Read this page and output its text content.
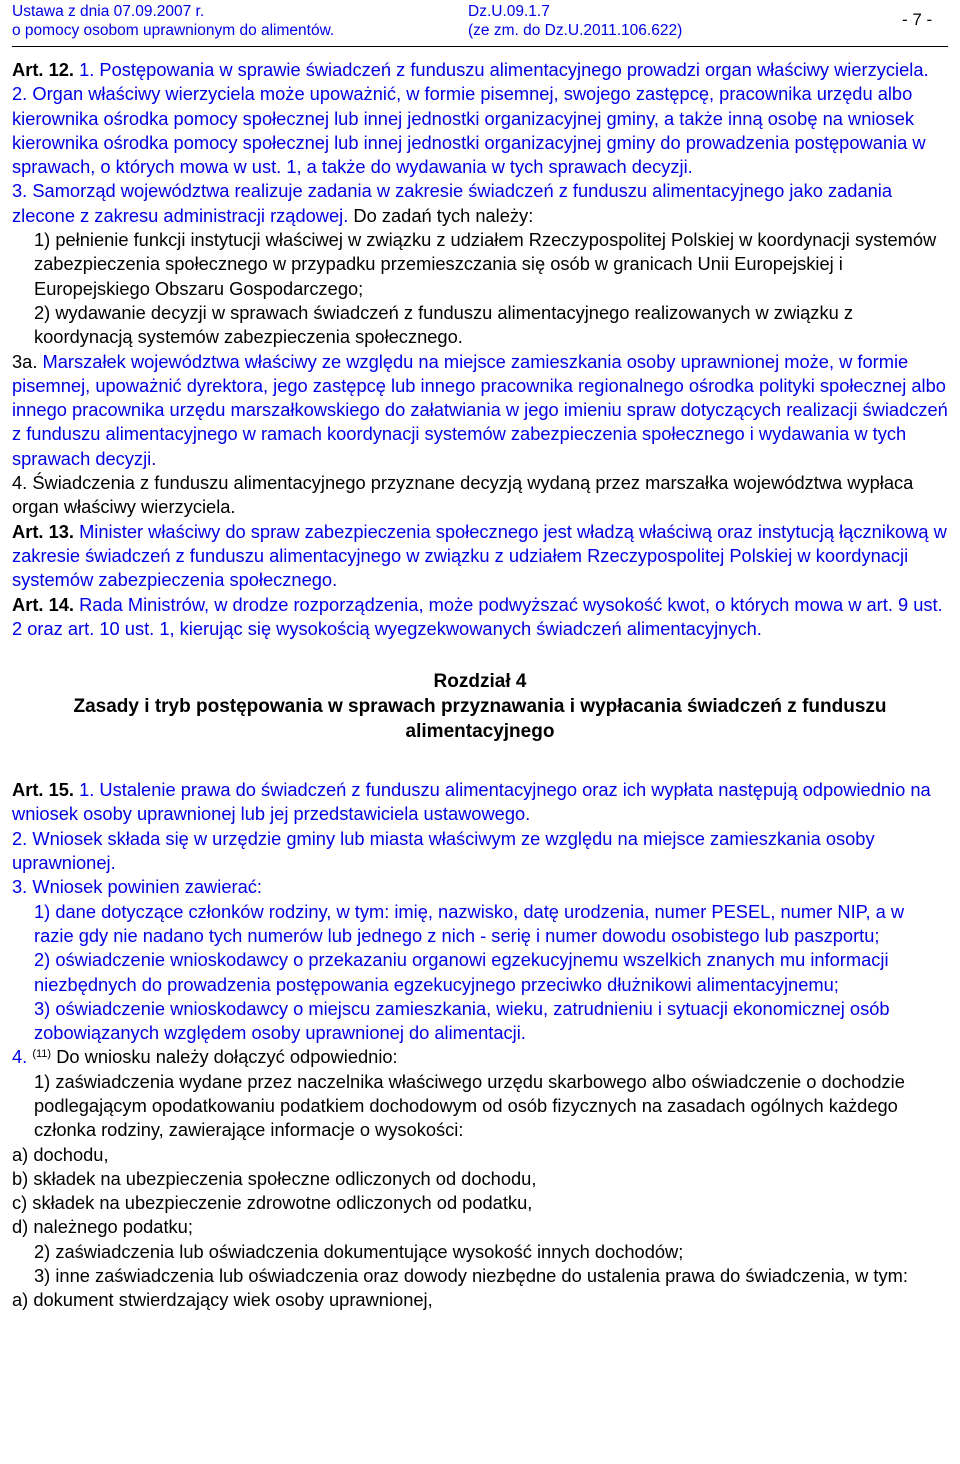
Ustawa z dnia 07.09.2007 r.
o pomocy osobom uprawnionym do alimentów.
Dz.U.09.1.7
(ze zm. do Dz.U.2011.106.622)
- 7 -

Art. 12. 1. Postępowania w sprawie świadczeń z funduszu alimentacyjnego prowadzi organ właściwy wierzyciela.

2. Organ właściwy wierzyciela może upoważnić, w formie pisemnej, swojego zastępcę, pracownika urzędu albo kierownika ośrodka pomocy społecznej lub innej jednostki organizacyjnej gminy, a także inną osobę na wniosek kierownika ośrodka pomocy społecznej lub innej jednostki organizacyjnej gminy do prowadzenia postępowania w sprawach, o których mowa w ust. 1, a także do wydawania w tych sprawach decyzji.

3. Samorząd województwa realizuje zadania w zakresie świadczeń z funduszu alimentacyjnego jako zadania zlecone z zakresu administracji rządowej. Do zadań tych należy:

1) pełnienie funkcji instytucji właściwej w związku z udziałem Rzeczypospolitej Polskiej w koordynacji systemów zabezpieczenia społecznego w przypadku przemieszczania się osób w granicach Unii Europejskiej i Europejskiego Obszaru Gospodarczego;

2) wydawanie decyzji w sprawach świadczeń z funduszu alimentacyjnego realizowanych w związku z koordynacją systemów zabezpieczenia społecznego.

3a. Marszałek województwa właściwy ze względu na miejsce zamieszkania osoby uprawnionej może, w formie pisemnej, upoważnić dyrektora, jego zastępcę lub innego pracownika regionalnego ośrodka polityki społecznej albo innego pracownika urzędu marszałkowskiego do załatwiania w jego imieniu spraw dotyczących realizacji świadczeń z funduszu alimentacyjnego w ramach koordynacji systemów zabezpieczenia społecznego i wydawania w tych sprawach decyzji.

4. Świadczenia z funduszu alimentacyjnego przyznane decyzją wydaną przez marszałka województwa wypłaca organ właściwy wierzyciela.

Art. 13. Minister właściwy do spraw zabezpieczenia społecznego jest władzą właściwą oraz instytucją łącznikową w zakresie świadczeń z funduszu alimentacyjnego w związku z udziałem Rzeczypospolitej Polskiej w koordynacji systemów zabezpieczenia społecznego.

Art. 14. Rada Ministrów, w drodze rozporządzenia, może podwyższać wysokość kwot, o których mowa w art. 9 ust. 2 oraz art. 10 ust. 1, kierując się wysokością wyegzekwowanych świadczeń alimentacyjnych.

Rozdział 4
Zasady i tryb postępowania w sprawach przyznawania i wypłacania świadczeń z funduszu alimentacyjnego

Art. 15. 1. Ustalenie prawa do świadczeń z funduszu alimentacyjnego oraz ich wypłata następują odpowiednio na wniosek osoby uprawnionej lub jej przedstawiciela ustawowego.

2. Wniosek składa się w urzędzie gminy lub miasta właściwym ze względu na miejsce zamieszkania osoby uprawnionej.

3. Wniosek powinien zawierać:

1) dane dotyczące członków rodziny, w tym: imię, nazwisko, datę urodzenia, numer PESEL, numer NIP, a w razie gdy nie nadano tych numerów lub jednego z nich - serię i numer dowodu osobistego lub paszportu;

2) oświadczenie wnioskodawcy o przekazaniu organowi egzekucyjnemu wszelkich znanych mu informacji niezbędnych do prowadzenia postępowania egzekucyjnego przeciwko dłużnikowi alimentacyjnemu;

3) oświadczenie wnioskodawcy o miejscu zamieszkania, wieku, zatrudnieniu i sytuacji ekonomicznej osób zobowiązanych względem osoby uprawnionej do alimentacji.

4. $^{(11)}$ Do wniosku należy dołączyć odpowiednio:

1) zaświadczenia wydane przez naczelnika właściwego urzędu skarbowego albo oświadczenie o dochodzie podlegającym opodatkowaniu podatkiem dochodowym od osób fizycznych na zasadach ogólnych każdego członka rodziny, zawierające informacje o wysokości:

a) dochodu,

b) składek na ubezpieczenia społeczne odliczonych od dochodu,

c) składek na ubezpieczenie zdrowotne odliczonych od podatku,

d) należnego podatku;

2) zaświadczenia lub oświadczenia dokumentujące wysokość innych dochodów;

3) inne zaświadczenia lub oświadczenia oraz dowody niezbędne do ustalenia prawa do świadczenia, w tym:

a) dokument stwierdzający wiek osoby uprawnionej,
